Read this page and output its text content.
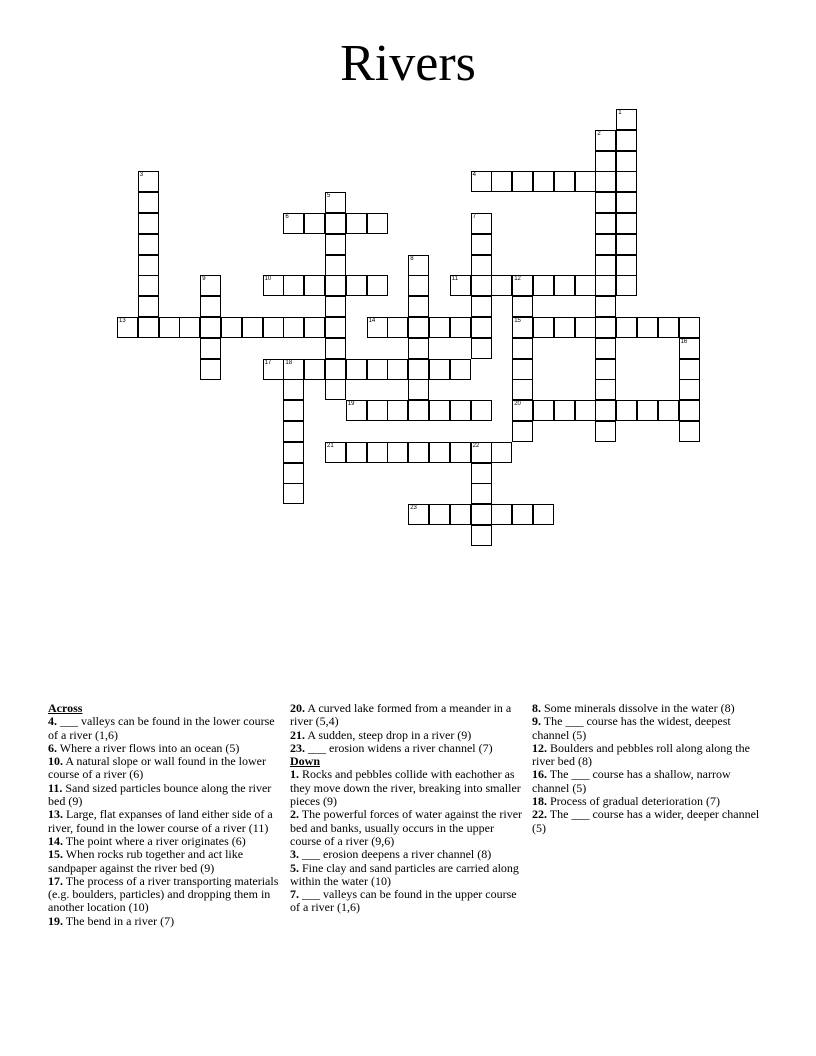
Rivers
1
2
3	4
5
6	7
8
9	10	11	12
15
20
13	14
16
17 18
19
21	22
23

Across

4. ___ valleys can be found in the lower course of a river (1,6)

6. Where a river flows into an ocean (5)

10. A natural slope or wall found in the lower course of a river (6)

11. Sand sized particles bounce along the river bed (9)

13. Large, flat expanses of land either side of a river, found in the lower course of a river (11)

14. The point where a river originates (6)

15. When rocks rub together and act like sandpaper against the river bed (9)

17. The process of a river transporting materials (e.g. boulders, particles) and dropping them in another location (10)

19. The bend in a river (7)

20. A curved lake formed from a meander in a river (5,4)

21. A sudden, steep drop in a river (9)

23. ___ erosion widens a river channel (7)

Down

1. Rocks and pebbles collide with eachother as they move down the river, breaking into smaller pieces (9)

2. The powerful forces of water against the river bed and banks, usually occurs in the upper course of a river (9,6)

3. ___ erosion deepens a river channel (8)

5. Fine clay and sand particles are carried along within the water (10)

7. ___ valleys can be found in the upper course of a river (1,6)

8. Some minerals dissolve in the water (8)

9. The ___ course has the widest, deepest channel (5)

12. Boulders and pebbles roll along along the river bed (8)

16. The ___ course has a shallow, narrow channel (5)

18. Process of gradual deterioration (7)

22. The ___ course has a wider, deeper channel (5)
